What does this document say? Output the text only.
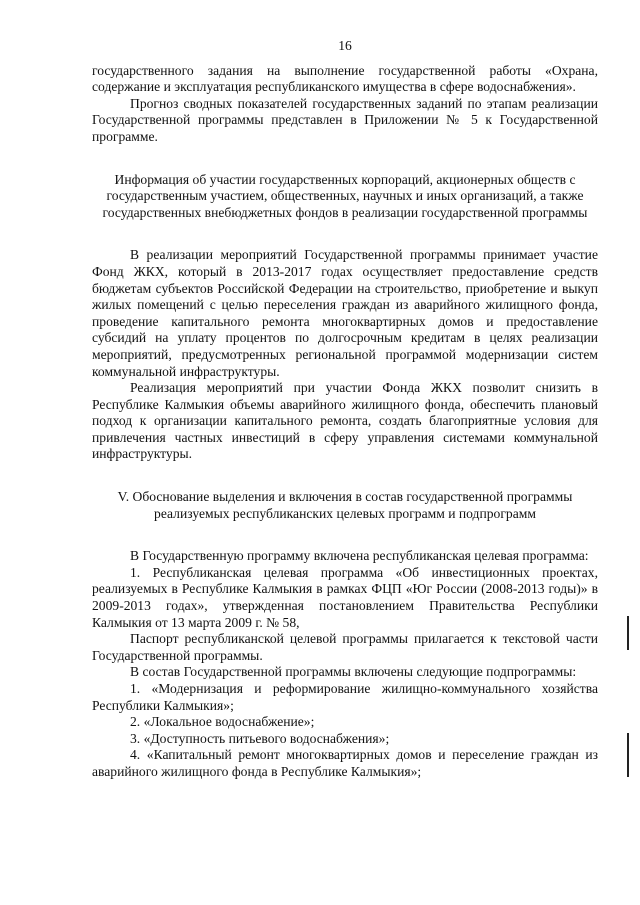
16

государственного задания на выполнение государственной работы «Охрана, содержание и эксплуатация республиканского имущества в сфере водоснабжения».

Прогноз сводных показателей государственных заданий по этапам реализации Государственной программы представлен в Приложении № 5 к Государственной программе.

Информация об участии государственных корпораций, акционерных обществ с государственным участием, общественных, научных и иных организаций, а также государственных внебюджетных фондов в реализации государственной программы

В реализации мероприятий Государственной программы принимает участие Фонд ЖКХ, который в 2013-2017 годах осуществляет предоставление средств бюджетам субъектов Российской Федерации на строительство, приобретение и выкуп жилых помещений с целью переселения граждан из аварийного жилищного фонда, проведение капитального ремонта многоквартирных домов и предоставление субсидий на уплату процентов по долгосрочным кредитам в целях реализации мероприятий, предусмотренных региональной программой модернизации систем коммунальной инфраструктуры.

Реализация мероприятий при участии Фонда ЖКХ позволит снизить в Республике Калмыкия объемы аварийного жилищного фонда, обеспечить плановый подход к организации капитального ремонта, создать благоприятные условия для привлечения частных инвестиций в сферу управления системами коммунальной инфраструктуры.

V. Обоснование выделения и включения в состав государственной программы реализуемых республиканских целевых программ и подпрограмм

В Государственную программу включена республиканская целевая программа:

1. Республиканская целевая программа «Об инвестиционных проектах, реализуемых в Республике Калмыкия в рамках ФЦП «Юг России (2008-2013 годы)» в 2009-2013 годах», утвержденная постановлением Правительства Республики Калмыкия от 13 марта 2009 г. № 58,

Паспорт республиканской целевой программы прилагается к текстовой части Государственной программы.

В состав Государственной программы включены следующие подпрограммы:

1. «Модернизация и реформирование жилищно-коммунального хозяйства Республики Калмыкия»;

2. «Локальное водоснабжение»;

3. «Доступность питьевого водоснабжения»;

4. «Капитальный ремонт многоквартирных домов и переселение граждан из аварийного жилищного фонда в Республике Калмыкия»;
